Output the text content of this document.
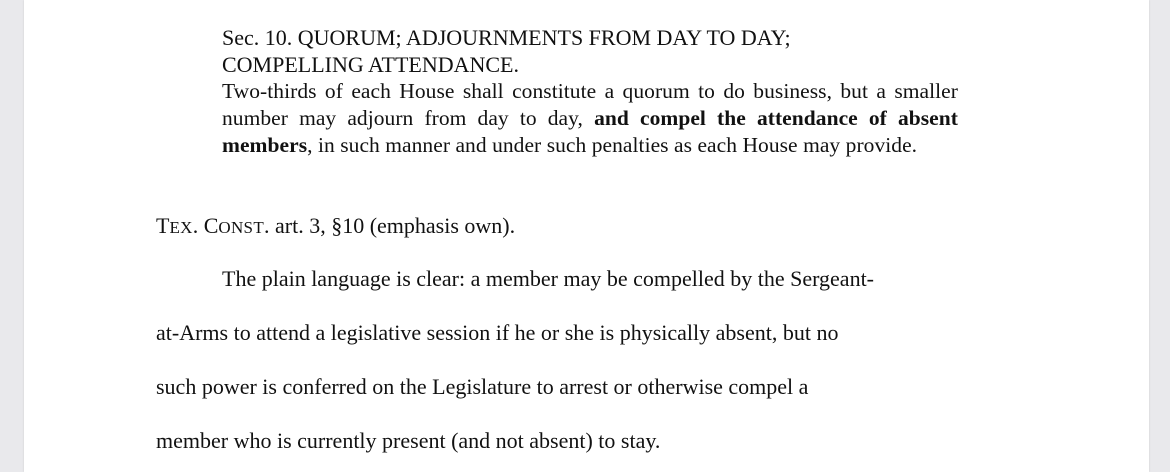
Sec. 10. QUORUM; ADJOURNMENTS FROM DAY TO DAY;
COMPELLING ATTENDANCE.
Two-thirds of each House shall constitute a quorum to do business, but a smaller number may adjourn from day to day, and compel the attendance of absent members, in such manner and under such penalties as each House may provide.
TEX. CONST. art. 3, §10 (emphasis own).
The plain language is clear: a member may be compelled by the Sergeant-
at-Arms to attend a legislative session if he or she is physically absent, but no
such power is conferred on the Legislature to arrest or otherwise compel a
member who is currently present (and not absent) to stay.
